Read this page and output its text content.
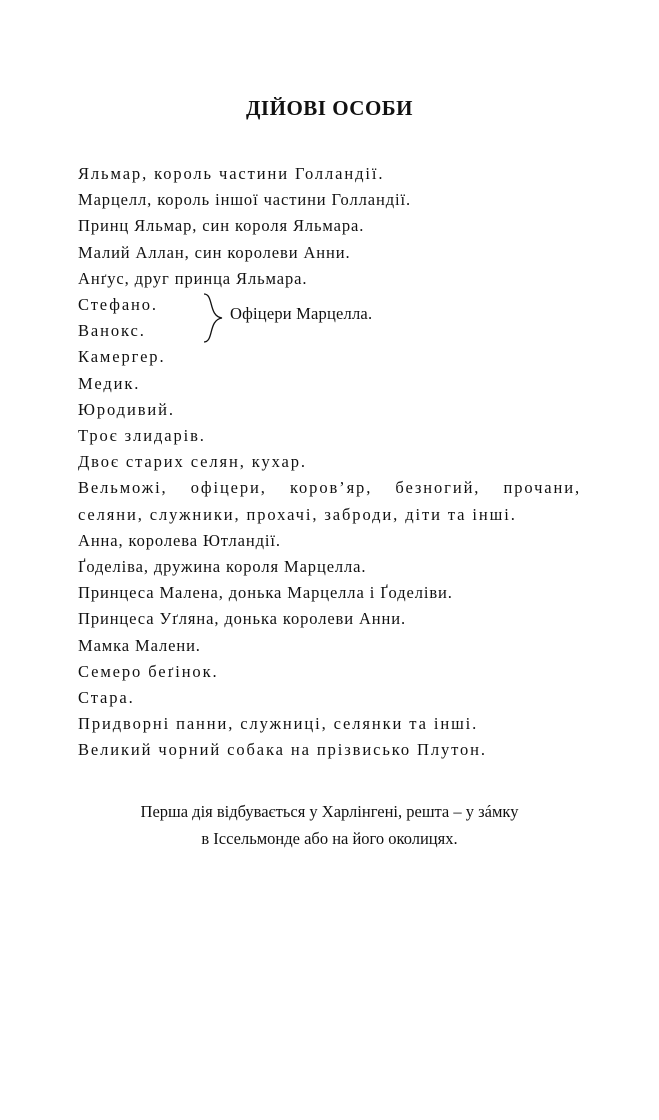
ДІЙОВІ ОСОБИ
Яльмар, король частини Голландії.
Марцелл, король іншої частини Голландії.
Принц Яльмар, син короля Яльмара.
Малий Аллан, син королеви Анни.
Анґус, друг принца Яльмара.
Стефано.
Ванокс.
Офіцери Марцелла.
Камергер.
Медик.
Юродивий.
Троє злидарів.
Двоє старих селян, кухар.
Вельможі, офіцери, коров’яр, безногий, прочани, селяни, служники, прохачі, заброди, діти та інші.
Анна, королева Ютландії.
Ґоделіва, дружина короля Марцелла.
Принцеса Малена, донька Марцелла і Ґоделіви.
Принцеса Уґляна, донька королеви Анни.
Мамка Малени.
Семеро беґінок.
Стара.
Придворні панни, служниці, селянки та інші.
Великий чорний собака на прізвисько Плутон.
Перша дія відбувається у Харлінгені, решта – у зáмку
в Іссельмонде або на його околицях.
